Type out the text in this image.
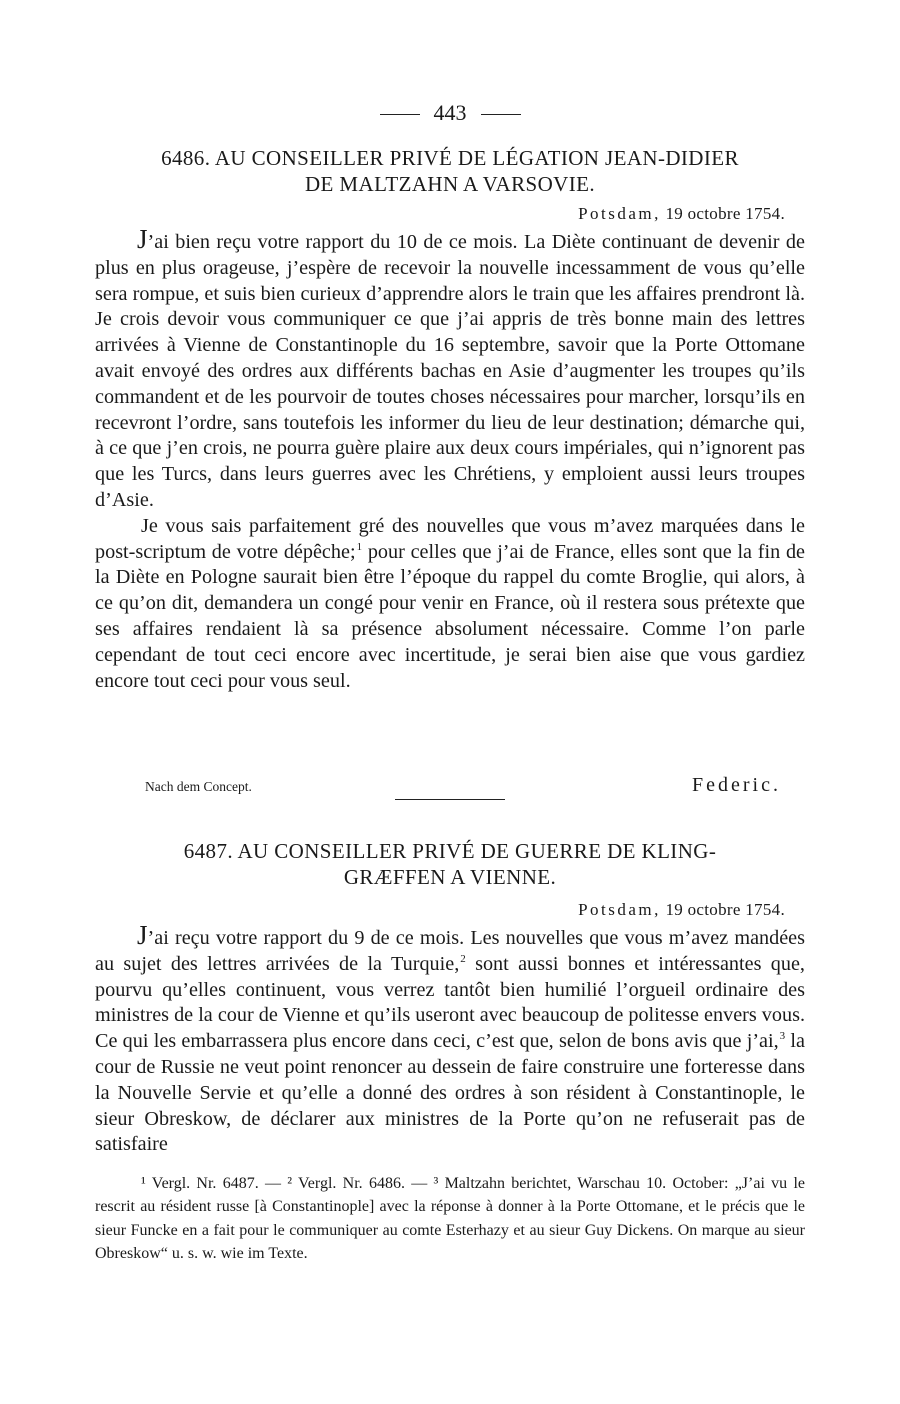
443
6486. AU CONSEILLER PRIVÉ DE LÉGATION JEAN-DIDIER
DE MALTZAHN A VARSOVIE.
Potsdam, 19 octobre 1754.

J’ai bien reçu votre rapport du 10 de ce mois. La Diète continuant de devenir de plus en plus orageuse, j’espère de recevoir la nouvelle incessamment de vous qu’elle sera rompue, et suis bien curieux d’apprendre alors le train que les affaires prendront là. Je crois devoir vous communiquer ce que j’ai appris de très bonne main des lettres arrivées à Vienne de Constantinople du 16 septembre, savoir que la Porte Ottomane avait envoyé des ordres aux différents bachas en Asie d’augmenter les troupes qu’ils commandent et de les pourvoir de toutes choses nécessaires pour marcher, lorsqu’ils en recevront l’ordre, sans toutefois les informer du lieu de leur destination; démarche qui, à ce que j’en crois, ne pourra guère plaire aux deux cours impériales, qui n’ignorent pas que les Turcs, dans leurs guerres avec les Chrétiens, y emploient aussi leurs troupes d’Asie.

Je vous sais parfaitement gré des nouvelles que vous m’avez marquées dans le post-scriptum de votre dépêche;$^1$ pour celles que j’ai de France, elles sont que la fin de la Diète en Pologne saurait bien être l’époque du rappel du comte Broglie, qui alors, à ce qu’on dit, demandera un congé pour venir en France, où il restera sous prétexte que ses affaires rendaient là sa présence absolument nécessaire. Comme l’on parle cependant de tout ceci encore avec incertitude, je serai bien aise que vous gardiez encore tout ceci pour vous seul.

Nach dem Concept.	Federic.
6487. AU CONSEILLER PRIVÉ DE GUERRE DE KLING-
GRÆFFEN A VIENNE.
Potsdam, 19 octobre 1754.

J’ai reçu votre rapport du 9 de ce mois. Les nouvelles que vous m’avez mandées au sujet des lettres arrivées de la Turquie,$^2$ sont aussi bonnes et intéressantes que, pourvu qu’elles continuent, vous verrez tantôt bien humilié l’orgueil ordinaire des ministres de la cour de Vienne et qu’ils useront avec beaucoup de politesse envers vous. Ce qui les embarrassera plus encore dans ceci, c’est que, selon de bons avis que j’ai,$^3$ la cour de Russie ne veut point renoncer au dessein de faire construire une forteresse dans la Nouvelle Servie et qu’elle a donné des ordres à son résident à Constantinople, le sieur Obreskow, de déclarer aux ministres de la Porte qu’on ne refuserait pas de satisfaire

¹ Vergl. Nr. 6487. — ² Vergl. Nr. 6486. — ³ Maltzahn berichtet, Warschau 10. October: „J’ai vu le rescrit au résident russe [à Constantinople] avec la réponse à donner à la Porte Ottomane, et le précis que le sieur Funcke en a fait pour le communiquer au comte Esterhazy et au sieur Guy Dickens. On marque au sieur Obreskow“ u. s. w. wie im Texte.
